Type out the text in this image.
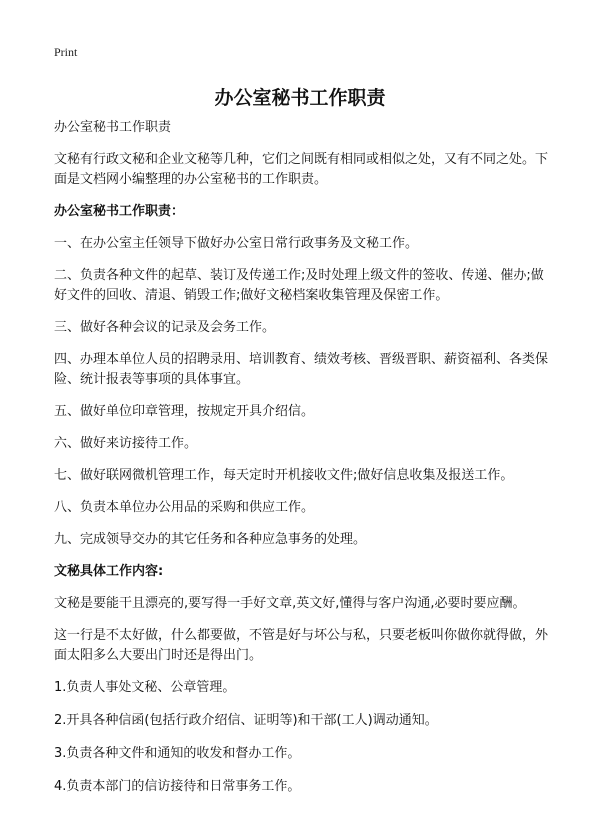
Print
办公室秘书工作职责

办公室秘书工作职责

文秘有行政文秘和企业文秘等几种，它们之间既有相同或相似之处，又有不同之处。下面是文档网小编整理的办公室秘书的工作职责。

办公室秘书工作职责：

一、在办公室主任领导下做好办公室日常行政事务及文秘工作。

二、负责各种文件的起草、装订及传递工作;及时处理上级文件的签收、传递、催办;做好文件的回收、清退、销毁工作;做好文秘档案收集管理及保密工作。

三、做好各种会议的记录及会务工作。

四、办理本单位人员的招聘录用、培训教育、绩效考核、晋级晋职、薪资福利、各类保险、统计报表等事项的具体事宜。

五、做好单位印章管理，按规定开具介绍信。

六、做好来访接待工作。

七、做好联网微机管理工作，每天定时开机接收文件;做好信息收集及报送工作。

八、负责本单位办公用品的采购和供应工作。

九、完成领导交办的其它任务和各种应急事务的处理。

文秘具体工作内容:

文秘是要能干且漂亮的,要写得一手好文章,英文好,懂得与客户沟通,必要时要应酬。

这一行是不太好做，什么都要做，不管是好与坏公与私，只要老板叫你做你就得做，外面太阳多么大要出门时还是得出门。

1.负责人事处文秘、公章管理。

2.开具各种信函(包括行政介绍信、证明等)和干部(工人)调动通知。

3.负责各种文件和通知的收发和督办工作。

4.负责本部门的信访接待和日常事务工作。
